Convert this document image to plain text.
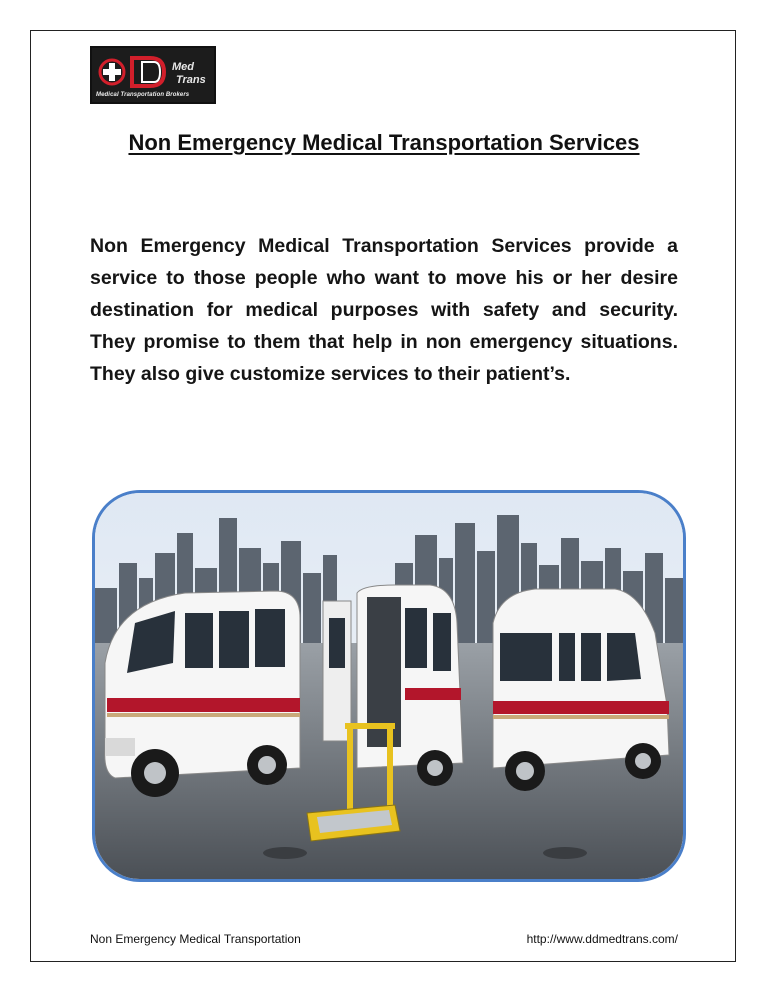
Med
Trans
Medical Transportation Brokers
Non Emergency Medical Transportation Services

Non Emergency Medical Transportation Services provide a service to those people who want to move his or her desire destination for medical purposes with safety and security. They promise to them that help in non emergency situations. They also give customize services to their patient’s.

Non Emergency Medical Transportation	http://www.ddmedtrans.com/
